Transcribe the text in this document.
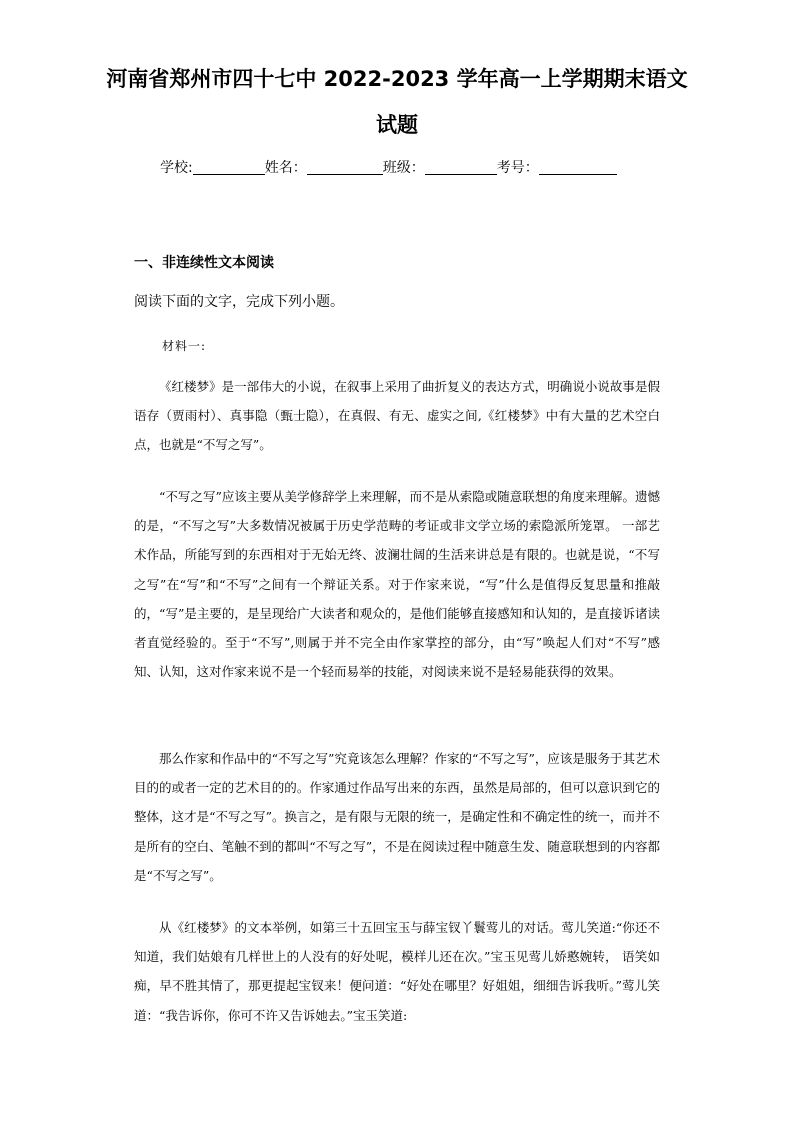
河南省郑州市四十七中 2022-2023 学年高一上学期期末语文
试题
学校:	姓名：	班级：	考号：
一、非连续性文本阅读
阅读下面的文字，完成下列小题。
材料一:

《红楼梦》是一部伟大的小说，在叙事上采用了曲折复义的表达方式，明确说小说故事是假语存（贾雨村）、真事隐（甄士隐），在真假、有无、虚实之间,《红楼梦》中有大量的艺术空白点，也就是“不写之写”。

“不写之写”应该主要从美学修辞学上来理解，而不是从索隐或随意联想的角度来理解。遗憾的是，“不写之写”大多数情况被属于历史学范畴的考证或非文学立场的索隐派所笼罩。 一部艺术作品，所能写到的东西相对于无始无终、波澜壮阔的生活来讲总是有限的。也就是说，“不写之写”在“写”和“不写”之间有一个辩证关系。对于作家来说，“写”什么是值得反复思量和推敲的，“写”是主要的，是呈现给广大读者和观众的，是他们能够直接感知和认知的，是直接诉诸读者直觉经验的。至于“不写”,则属于并不完全由作家掌控的部分，由“写”唤起人们对“不写”感知、认知，这对作家来说不是一个轻而易举的技能，对阅读来说不是轻易能获得的效果。

那么作家和作品中的“不写之写”究竟该怎么理解？作家的“不写之写”，应该是服务于其艺术目的的或者一定的艺术目的的。作家通过作品写出来的东西，虽然是局部的，但可以意识到它的整体，这才是“不写之写”。换言之，是有限与无限的统一，是确定性和不确定性的统一，而并不是所有的空白、笔触不到的都叫“不写之写”，不是在阅读过程中随意生发、随意联想到的内容都是“不写之写”。

从《红楼梦》的文本举例，如第三十五回宝玉与薛宝钗丫鬟莺儿的对话。莺儿笑道:“你还不知道，我们姑娘有几样世上的人没有的好处呢，模样儿还在次。”宝玉见莺儿娇憨婉转， 语笑如痴，早不胜其情了，那更提起宝钗来！便问道：“好处在哪里？好姐姐，细细告诉我听。”莺儿笑道：“我告诉你，你可不许又告诉她去。”宝玉笑道:
